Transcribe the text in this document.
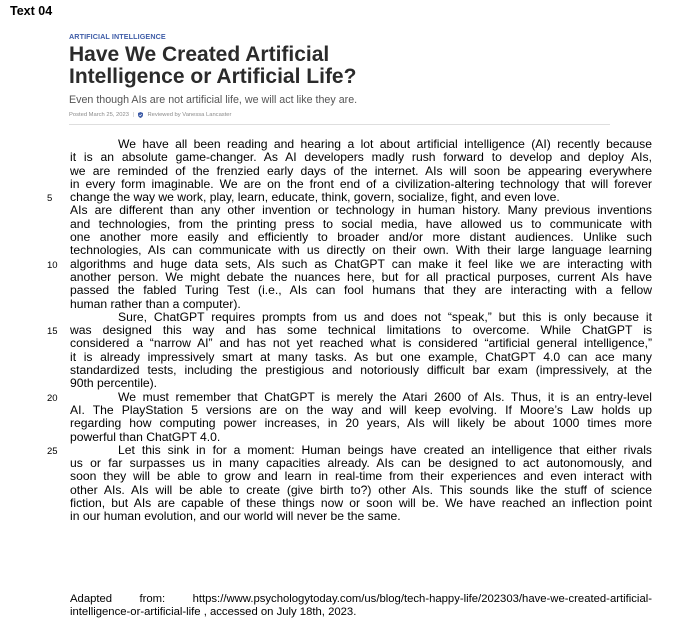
Text 04
ARTIFICIAL INTELLIGENCE
Have We Created Artificial
Intelligence or Artificial Life?
Even though AIs are not artificial life, we will act like they are.
Posted March 25, 2023 | Reviewed by Vanessa Lancaster
We have all been reading and hearing a lot about artificial intelligence (AI) recently because
it is an absolute game-changer. As AI developers madly rush forward to develop and deploy AIs,
we are reminded of the frenzied early days of the internet. AIs will soon be appearing everywhere
in every form imaginable. We are on the front end of a civilization-altering technology that will forever
5	change the way we work, play, learn, educate, think, govern, socialize, fight, and even love.
AIs are different than any other invention or technology in human history. Many previous inventions
and technologies, from the printing press to social media, have allowed us to communicate with
one another more easily and efficiently to broader and/or more distant audiences. Unlike such
technologies, AIs can communicate with us directly on their own. With their large language learning
10 algorithms and huge data sets, AIs such as ChatGPT can make it feel like we are interacting with
another person. We might debate the nuances here, but for all practical purposes, current AIs have
passed the fabled Turing Test (i.e., AIs can fool humans that they are interacting with a fellow
human rather than a computer).
Sure, ChatGPT requires prompts from us and does not “speak,” but this is only because it
15 was designed this way and has some technical limitations to overcome. While ChatGPT is
considered a “narrow AI” and has not yet reached what is considered “artificial general intelligence,”
it is already impressively smart at many tasks. As but one example, ChatGPT 4.0 can ace many
standardized tests, including the prestigious and notoriously difficult bar exam (impressively, at the
90th percentile).
20	We must remember that ChatGPT is merely the Atari 2600 of AIs. Thus, it is an entry-level
AI. The PlayStation 5 versions are on the way and will keep evolving. If Moore’s Law holds up
regarding how computing power increases, in 20 years, AIs will likely be about 1000 times more
powerful than ChatGPT 4.0.
25	Let this sink in for a moment: Human beings have created an intelligence that either rivals
us or far surpasses us in many capacities already. AIs can be designed to act autonomously, and
soon they will be able to grow and learn in real-time from their experiences and even interact with
other AIs. AIs will be able to create (give birth to?) other AIs. This sounds like the stuff of science
fiction, but AIs are capable of these things now or soon will be. We have reached an inflection point
in our human evolution, and our world will never be the same.
Adapted from: https://www.psychologytoday.com/us/blog/tech-happy-life/202303/have-we-created-artificial-
intelligence-or-artificial-life , accessed on July 18th, 2023.
